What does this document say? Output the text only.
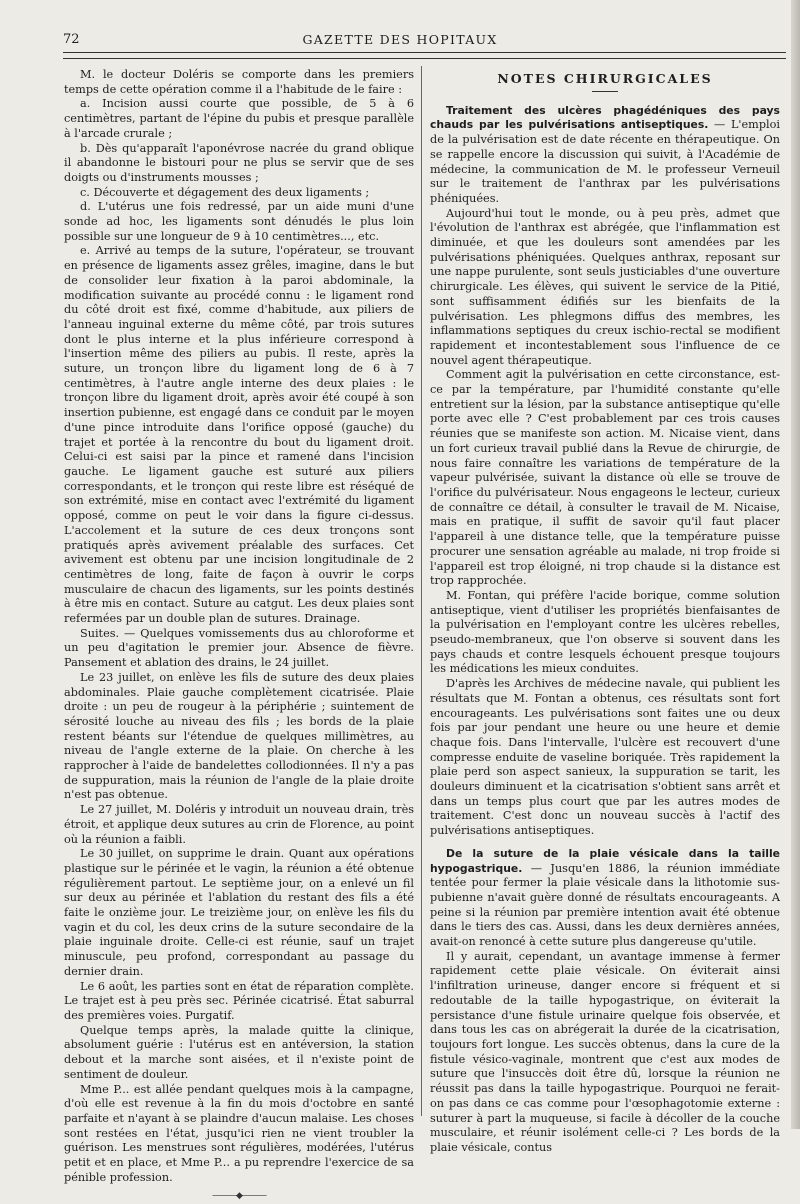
72	GAZETTE DES HOPITAUX

M. le docteur Doléris se comporte dans les premiers temps de cette opération comme il a l'habitude de le faire :

a. Incision aussi courte que possible, de 5 à 6 centimètres, partant de l'épine du pubis et presque parallèle à l'arcade crurale ;

b. Dès qu'apparaît l'aponévrose nacrée du grand oblique il abandonne le bistouri pour ne plus se servir que de ses doigts ou d'instruments mousses ;

c. Découverte et dégagement des deux ligaments ;

d. L'utérus une fois redressé, par un aide muni d'une sonde ad hoc, les ligaments sont dénudés le plus loin possible sur une longueur de 9 à 10 centimètres..., etc.

e. Arrivé au temps de la suture, l'opérateur, se trouvant en présence de ligaments assez grêles, imagine, dans le but de consolider leur fixation à la paroi abdominale, la modification suivante au procédé connu : le ligament rond du côté droit est fixé, comme d'habitude, aux piliers de l'anneau inguinal externe du même côté, par trois sutures dont le plus interne et la plus inférieure correspond à l'insertion même des piliers au pubis. Il reste, après la suture, un tronçon libre du ligament long de 6 à 7 centimètres, à l'autre angle interne des deux plaies : le tronçon libre du ligament droit, après avoir été coupé à son insertion pubienne, est engagé dans ce conduit par le moyen d'une pince introduite dans l'orifice opposé (gauche) du trajet et portée à la rencontre du bout du ligament droit. Celui-ci est saisi par la pince et ramené dans l'incision gauche. Le ligament gauche est suturé aux piliers correspondants, et le tronçon qui reste libre est réséqué de son extrémité, mise en contact avec l'extrémité du ligament opposé, comme on peut le voir dans la figure ci-dessus. L'accolement et la suture de ces deux tronçons sont pratiqués après avivement préalable des surfaces. Cet avivement est obtenu par une incision longitudinale de 2 centimètres de long, faite de façon à ouvrir le corps musculaire de chacun des ligaments, sur les points destinés à être mis en contact. Suture au catgut. Les deux plaies sont refermées par un double plan de sutures. Drainage.

Suites. — Quelques vomissements dus au chloroforme et un peu d'agitation le premier jour. Absence de fièvre. Pansement et ablation des drains, le 24 juillet.

Le 23 juillet, on enlève les fils de suture des deux plaies abdominales. Plaie gauche complètement cicatrisée. Plaie droite : un peu de rougeur à la périphérie ; suintement de sérosité louche au niveau des fils ; les bords de la plaie restent béants sur l'étendue de quelques millimètres, au niveau de l'angle externe de la plaie. On cherche à les rapprocher à l'aide de bandelettes collodionnées. Il n'y a pas de suppuration, mais la réunion de l'angle de la plaie droite n'est pas obtenue.

Le 27 juillet, M. Doléris y introduit un nouveau drain, très étroit, et applique deux sutures au crin de Florence, au point où la réunion a faibli.

Le 30 juillet, on supprime le drain. Quant aux opérations plastique sur le périnée et le vagin, la réunion a été obtenue régulièrement partout. Le septième jour, on a enlevé un fil sur deux au périnée et l'ablation du restant des fils a été faite le onzième jour. Le treizième jour, on enlève les fils du vagin et du col, les deux crins de la suture secondaire de la plaie inguinale droite. Celle-ci est réunie, sauf un trajet minuscule, peu profond, correspondant au passage du dernier drain.

Le 6 août, les parties sont en état de réparation complète. Le trajet est à peu près sec. Périnée cicatrisé. État saburral des premières voies. Purgatif.

Quelque temps après, la malade quitte la clinique, absolument guérie : l'utérus est en antéversion, la station debout et la marche sont aisées, et il n'existe point de sentiment de douleur.

Mme P... est allée pendant quelques mois à la campagne, d'où elle est revenue à la fin du mois d'octobre en santé parfaite et n'ayant à se plaindre d'aucun malaise. Les choses sont restées en l'état, jusqu'ici rien ne vient troubler la guérison. Les menstrues sont régulières, modérées, l'utérus petit et en place, et Mme P... a pu reprendre l'exercice de sa pénible profession.

———◆———
NOTES CHIRURGICALES

Traitement des ulcères phagédéniques des pays chauds par les pulvérisations antiseptiques. — L'emploi de la pulvérisation est de date récente en thérapeutique. On se rappelle encore la discussion qui suivit, à l'Académie de médecine, la communication de M. le professeur Verneuil sur le traitement de l'anthrax par les pulvérisations phéniquées.

Aujourd'hui tout le monde, ou à peu près, admet que l'évolution de l'anthrax est abrégée, que l'inflammation est diminuée, et que les douleurs sont amendées par les pulvérisations phéniquées. Quelques anthrax, reposant sur une nappe purulente, sont seuls justiciables d'une ouverture chirurgicale. Les élèves, qui suivent le service de la Pitié, sont suffisamment édifiés sur les bienfaits de la pulvérisation. Les phlegmons diffus des membres, les inflammations septiques du creux ischio-rectal se modifient rapidement et incontestablement sous l'influence de ce nouvel agent thérapeutique.

Comment agit la pulvérisation en cette circonstance, est-ce par la température, par l'humidité constante qu'elle entretient sur la lésion, par la substance antiseptique qu'elle porte avec elle ? C'est probablement par ces trois causes réunies que se manifeste son action. M. Nicaise vient, dans un fort curieux travail publié dans la Revue de chirurgie, de nous faire connaître les variations de température de la vapeur pulvérisée, suivant la distance où elle se trouve de l'orifice du pulvérisateur. Nous engageons le lecteur, curieux de connaître ce détail, à consulter le travail de M. Nicaise, mais en pratique, il suffit de savoir qu'il faut placer l'appareil à une distance telle, que la température puisse procurer une sensation agréable au malade, ni trop froide si l'appareil est trop éloigné, ni trop chaude si la distance est trop rapprochée.

M. Fontan, qui préfère l'acide borique, comme solution antiseptique, vient d'utiliser les propriétés bienfaisantes de la pulvérisation en l'employant contre les ulcères rebelles, pseudo-membraneux, que l'on observe si souvent dans les pays chauds et contre lesquels échouent presque toujours les médications les mieux conduites.

D'après les Archives de médecine navale, qui publient les résultats que M. Fontan a obtenus, ces résultats sont fort encourageants. Les pulvérisations sont faites une ou deux fois par jour pendant une heure ou une heure et demie chaque fois. Dans l'intervalle, l'ulcère est recouvert d'une compresse enduite de vaseline boriquée. Très rapidement la plaie perd son aspect sanieux, la suppuration se tarit, les douleurs diminuent et la cicatrisation s'obtient sans arrêt et dans un temps plus court que par les autres modes de traitement. C'est donc un nouveau succès à l'actif des pulvérisations antiseptiques.

De la suture de la plaie vésicale dans la taille hypogastrique. — Jusqu'en 1886, la réunion immédiate tentée pour fermer la plaie vésicale dans la lithotomie sus-pubienne n'avait guère donné de résultats encourageants. A peine si la réunion par première intention avait été obtenue dans le tiers des cas. Aussi, dans les deux dernières années, avait-on renoncé à cette suture plus dangereuse qu'utile.

Il y aurait, cependant, un avantage immense à fermer rapidement cette plaie vésicale. On éviterait ainsi l'infiltration urineuse, danger encore si fréquent et si redoutable de la taille hypogastrique, on éviterait la persistance d'une fistule urinaire quelque fois observée, et dans tous les cas on abrégerait la durée de la cicatrisation, toujours fort longue. Les succès obtenus, dans la cure de la fistule vésico-vaginale, montrent que c'est aux modes de suture que l'insuccès doit être dû, lorsque la réunion ne réussit pas dans la taille hypogastrique. Pourquoi ne ferait-on pas dans ce cas comme pour l'œsophagotomie externe : suturer à part la muqueuse, si facile à décoller de la couche musculaire, et réunir isolément celle-ci ? Les bords de la plaie vésicale, contus
